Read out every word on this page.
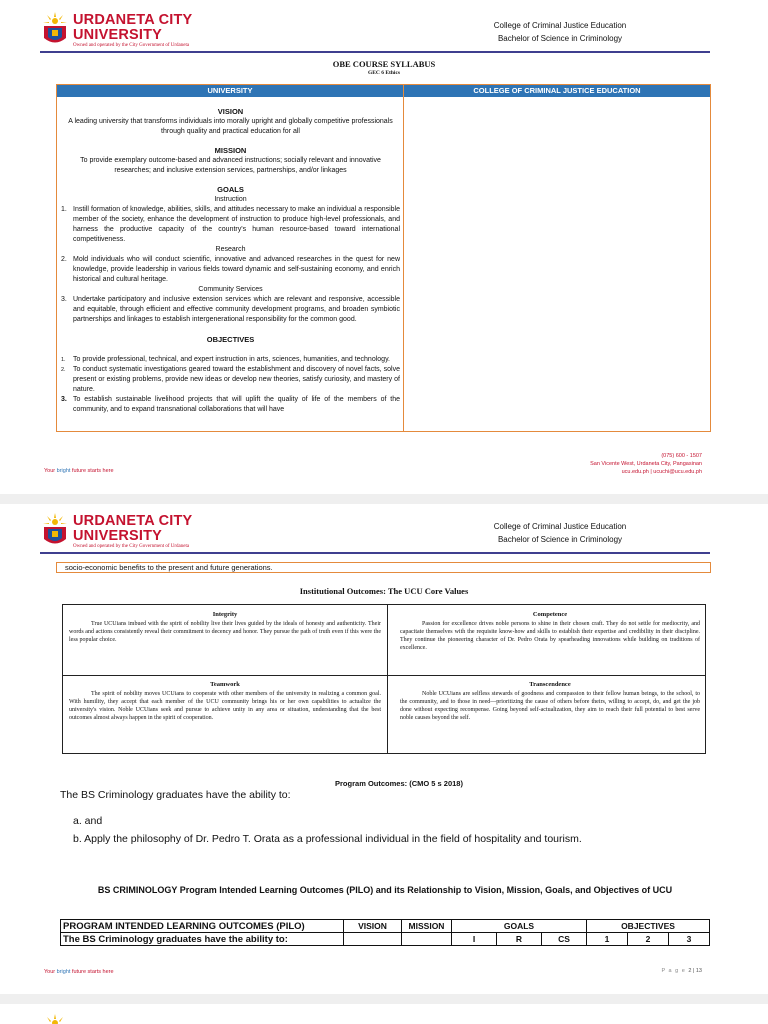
URDANETA CITY
UNIVERSITY
Owned and operated by the City Government of Urdaneta
College of Criminal Justice Education
Bachelor of Science in Criminology
OBE COURSE SYLLABUS
GEC 6 Ethics
UNIVERSITY	COLLEGE OF CRIMINAL JUSTICE EDUCATION
VISION
A leading university that transforms individuals into morally upright and globally competitive professionals through quality and practical education for all
MISSION
To provide exemplary outcome-based and advanced instructions; socially relevant and innovative researches; and inclusive extension services, partnerships, and/or linkages
GOALS
Instruction
1. Instill formation of knowledge, abilities, skills, and attitudes necessary to make an individual a responsible member of the society, enhance the development of instruction to produce high-level professionals, and harness the productive capacity of the country's human resource-based toward international competitiveness.
Research
2. Mold individuals who will conduct scientific, innovative and advanced researches in the quest for new knowledge, provide leadership in various fields toward dynamic and self-sustaining economy, and enrich historical and cultural heritage.
Community Services
3. Undertake participatory and inclusive extension services which are relevant and responsive, accessible and equitable, through efficient and effective community development programs, and broaden symbiotic partnerships and linkages to establish intergenerational responsibility for the common good.
OBJECTIVES
1. To provide professional, technical, and expert instruction in arts, sciences, humanities, and technology.
2. To conduct systematic investigations geared toward the establishment and discovery of novel facts, solve present or existing problems, provide new ideas or develop new theories, satisfy curiosity, and mastery of nature.
3. To establish sustainable livelihood projects that will uplift the quality of life of the members of the community, and to expand transnational collaborations that will have
(075) 600 - 1507
San Vicente West, Urdaneta City, Pangasinan
ucu.edu.ph | ucuchi@ucu.edu.ph
Your bright future starts here
URDANETA CITY
UNIVERSITY
Owned and operated by the City Government of Urdaneta
College of Criminal Justice Education
Bachelor of Science in Criminology
socio-economic benefits to the present and future generations.
Institutional Outcomes: The UCU Core Values
Integrity
True UCUians imbued with the spirit of nobility live their lives guided by the ideals of honesty and authenticity. Their words and actions consistently reveal their commitment to decency and honor. They pursue the path of truth even if this were the less popular choice.
Competence
Passion for excellence drives noble persons to shine in their chosen craft. They do not settle for mediocrity, and capacitate themselves with the requisite know-how and skills to establish their expertise and credibility in their discipline. They continue the pioneering character of Dr. Pedro Orata by spearheading innovations while building on traditions of excellence.
Teamwork
The spirit of nobility moves UCUians to cooperate with other members of the university in realizing a common goal. With humility, they accept that each member of the UCU community brings his or her own capabilities to actualize the university's vision. Noble UCUians seek and pursue to achieve unity in any area or situation, understanding that the best outcomes almost always happen in the spirit of cooperation.
Transcendence
Noble UCUians are selfless stewards of goodness and compassion to their fellow human beings, to the school, to the community, and to those in need—prioritizing the cause of others before theirs, willing to accept, do, and get the job done without expecting recompense. Going beyond self-actualization, they aim to reach their full potential to best serve noble causes beyond the self.
Program Outcomes: (CMO 5 s 2018)
The BS Criminology graduates have the ability to:
a. and
b. Apply the philosophy of Dr. Pedro T. Orata as a professional individual in the field of hospitality and tourism.
BS CRIMINOLOGY Program Intended Learning Outcomes (PILO) and its Relationship to Vision, Mission, Goals, and Objectives of UCU
PROGRAM INTENDED LEARNING OUTCOMES (PILO)	VISION	MISSION	GOALS			OBJECTIVES		
The BS Criminology graduates have the ability to:			I	R	CS	1	2	3
Your bright future starts here	P a g e 2 | 13
